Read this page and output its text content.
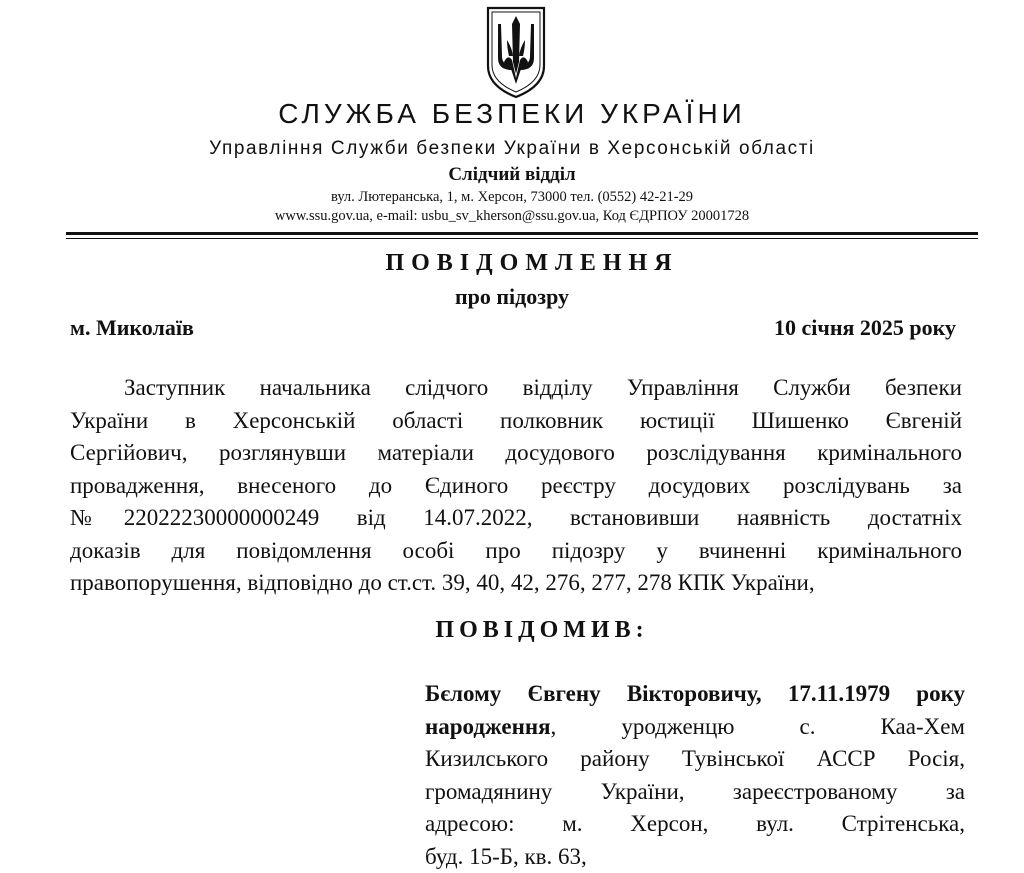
СЛУЖБА БЕЗПЕКИ УКРАЇНИ
Управління Служби безпеки України в Херсонській області
Слідчий відділ
вул. Лютеранська, 1, м. Херсон, 73000 тел. (0552) 42-21-29
www.ssu.gov.ua, e-mail: usbu_sv_kherson@ssu.gov.ua, Код ЄДРПОУ 20001728
ПОВІДОМЛЕННЯ
про підозру
м. Миколаїв	10 січня 2025 року
Заступник начальника слідчого відділу Управління Служби безпеки
України в Херсонській області полковник юстиції Шишенко Євгеній
Сергійович, розглянувши матеріали досудового розслідування кримінального
провадження, внесеного до Єдиного реєстру досудових розслідувань за
№22022230000000249 від 14.07.2022, встановивши наявність достатніх
доказів для повідомлення особі про підозру у вчиненні кримінального
правопорушення, відповідно до ст.ст. 39, 40, 42, 276, 277, 278 КПК України,
ПОВІДОМИВ:
Бєлому Євгену Вікторовичу, 17.11.1979 року
народження,	уродженцю	с.	Каа-Хем
Кизилського району Тувінської АССР Росія,
громадянину України, зареєстрованому за
адресою: м. Херсон, вул. Стрітенська,
буд. 15-Б, кв. 63,
